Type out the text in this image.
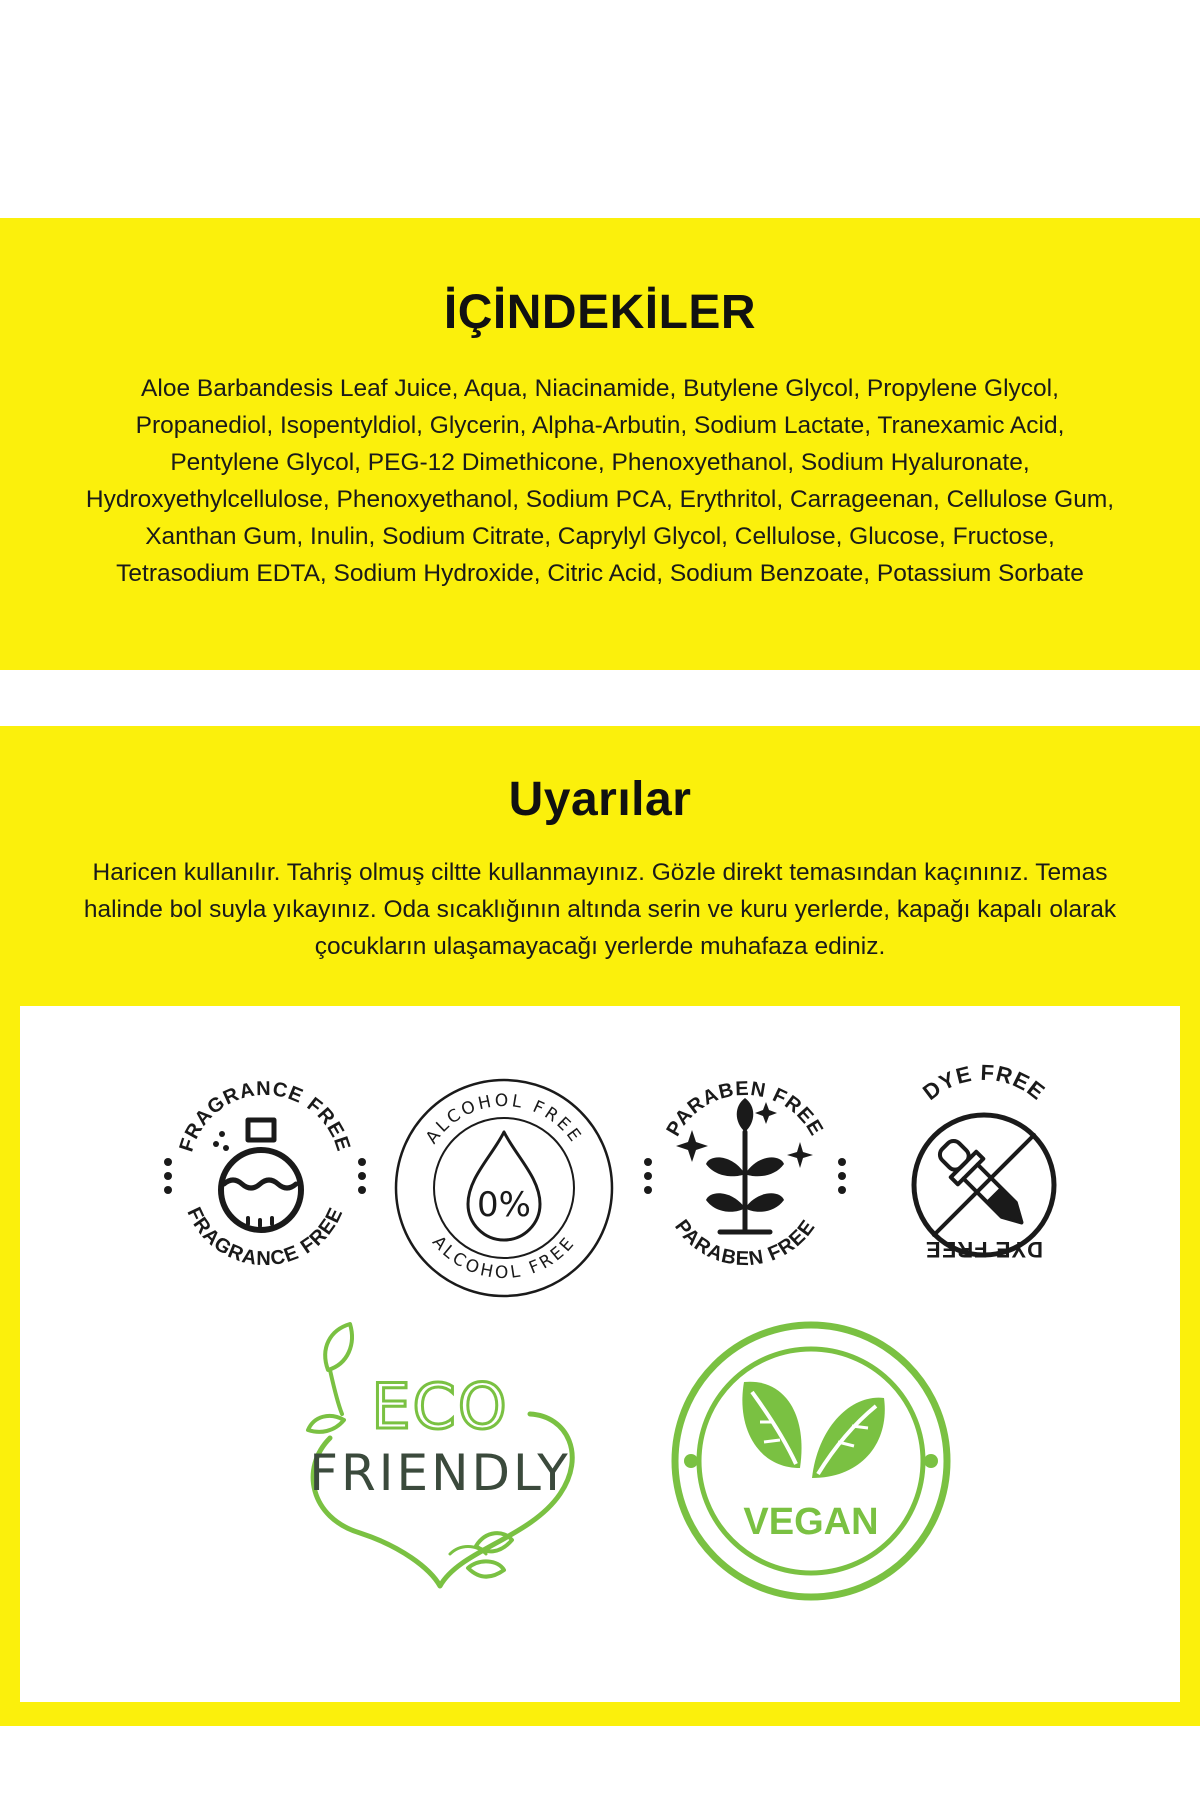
İÇİNDEKİLER

Aloe Barbandesis Leaf Juice, Aqua, Niacinamide, Butylene Glycol, Propylene Glycol, Propanediol, Isopentyldiol, Glycerin, Alpha-Arbutin, Sodium Lactate, Tranexamic Acid, Pentylene Glycol, PEG-12 Dimethicone, Phenoxyethanol, Sodium Hyaluronate, Hydroxyethylcellulose, Phenoxyethanol, Sodium PCA, Erythritol, Carrageenan, Cellulose Gum, Xanthan Gum, Inulin, Sodium Citrate, Caprylyl Glycol, Cellulose, Glucose, Fructose, Tetrasodium EDTA, Sodium Hydroxide, Citric Acid, Sodium Benzoate, Potassium Sorbate

Uyarılar

Haricen kullanılır. Tahriş olmuş ciltte kullanmayınız. Gözle direkt temasından kaçınınız. Temas halinde bol suyla yıkayınız. Oda sıcaklığının altında serin ve kuru yerlerde, kapağı kapalı olarak çocukların ulaşamayacağı yerlerde muhafaza ediniz.

FRAGRANCE FREE
FRAGRANCE FREE
ALCOHOL FREE
ALCOHOL FREE
0%
PARABEN FREE
PARABEN FREE
DYE FREE
DYE FREE
ECO
FRIENDLY
VEGAN
